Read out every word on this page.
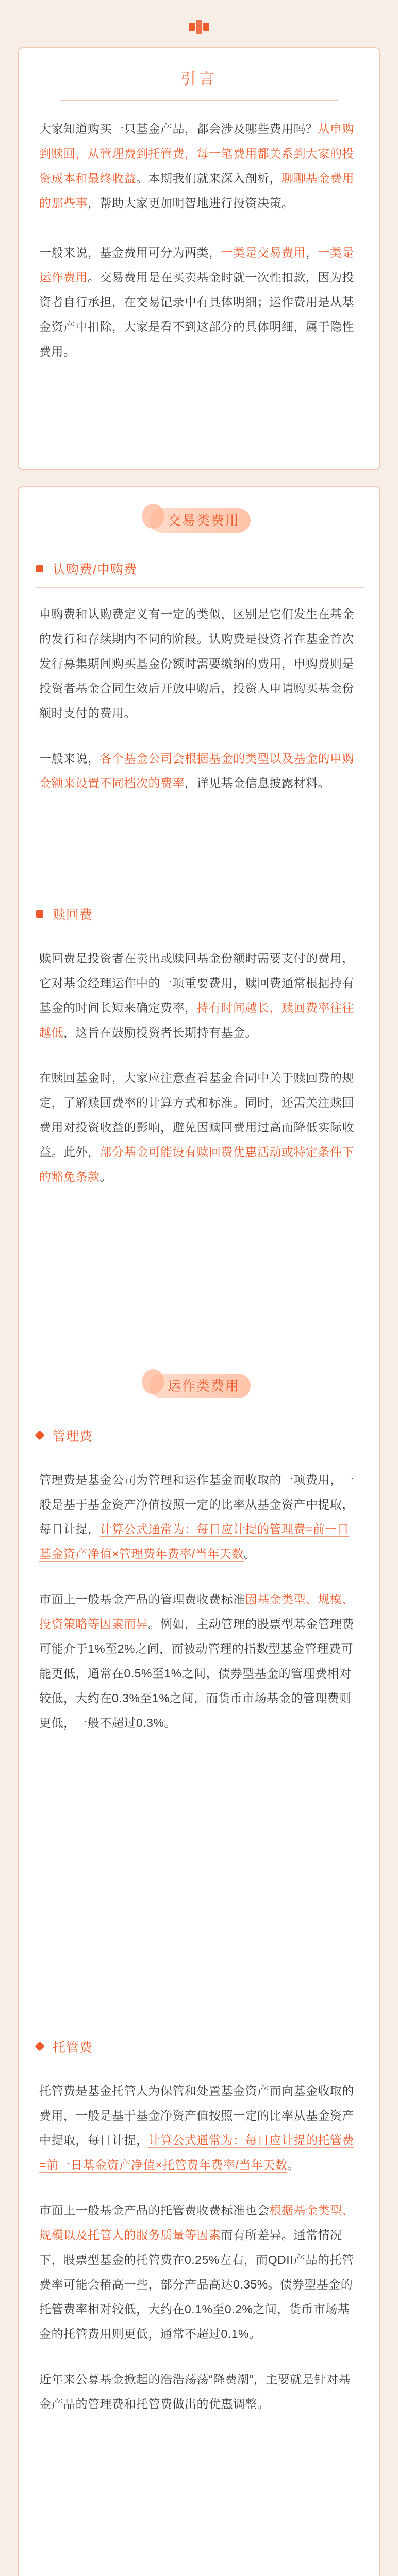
引言

大家知道购买一只基金产品，都会涉及哪些费用吗？从申购到赎回，从管理费到托管费，每一笔费用都关系到大家的投资成本和最终收益。本期我们就来深入剖析，聊聊基金费用的那些事，帮助大家更加明智地进行投资决策。

一般来说，基金费用可分为两类，一类是交易费用，一类是运作费用。交易费用是在买卖基金时就一次性扣款，因为投资者自行承担，在交易记录中有具体明细；运作费用是从基金资产中扣除，大家是看不到这部分的具体明细，属于隐性费用。

交易类费用
认购费/申购费

申购费和认购费定义有一定的类似，区别是它们发生在基金的发行和存续期内不同的阶段。认购费是投资者在基金首次发行募集期间购买基金份额时需要缴纳的费用，申购费则是投资者基金合同生效后开放申购后，投资人申请购买基金份额时支付的费用。

一般来说，各个基金公司会根据基金的类型以及基金的申购金额来设置不同档次的费率，详见基金信息披露材料。

赎回费

赎回费是投资者在卖出或赎回基金份额时需要支付的费用，它对基金经理运作中的一项重要费用，赎回费通常根据持有基金的时间长短来确定费率，持有时间越长，赎回费率往往越低，这旨在鼓励投资者长期持有基金。

在赎回基金时，大家应注意查看基金合同中关于赎回费的规定，了解赎回费率的计算方式和标准。同时，还需关注赎回费用对投资收益的影响，避免因赎回费用过高而降低实际收益。此外，部分基金可能设有赎回费优惠活动或特定条件下的豁免条款。

运作类费用
管理费

管理费是基金公司为管理和运作基金而收取的一项费用，一般是基于基金资产净值按照一定的比率从基金资产中提取，每日计提，计算公式通常为：每日应计提的管理费=前一日基金资产净值×管理费年费率/当年天数。

市面上一般基金产品的管理费收费标准因基金类型、规模、投资策略等因素而异。例如，主动管理的股票型基金管理费可能介于1%至2%之间，而被动管理的指数型基金管理费可能更低，通常在0.5%至1%之间，债券型基金的管理费相对较低，大约在0.3%至1%之间，而货币市场基金的管理费则更低，一般不超过0.3%。

托管费

托管费是基金托管人为保管和处置基金资产而向基金收取的费用，一般是基于基金净资产值按照一定的比率从基金资产中提取，每日计提，计算公式通常为：每日应计提的托管费=前一日基金资产净值×托管费年费率/当年天数。

市面上一般基金产品的托管费收费标准也会根据基金类型、规模以及托管人的服务质量等因素而有所差异。通常情况下，股票型基金的托管费在0.25%左右，而QDII产品的托管费率可能会稍高一些，部分产品高达0.35%。债券型基金的托管费率相对较低，大约在0.1%至0.2%之间，货币市场基金的托管费用则更低，通常不超过0.1%。

近年来公募基金掀起的浩浩荡荡“降费潮”，主要就是针对基金产品的管理费和托管费做出的优惠调整。
